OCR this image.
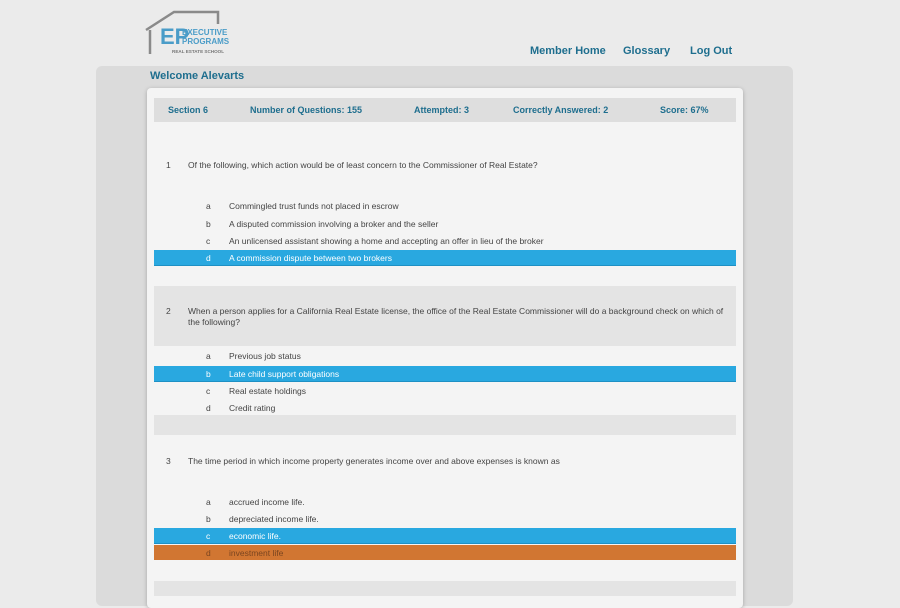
EP
EXECUTIVE
PROGRAMS
REAL ESTATE SCHOOL	Member Home Glossary Log Out
Welcome Alevarts
Section 6	Number of Questions: 155	Attempted: 3	Correctly Answered: 2	Score: 67%
1 Of the following, which action would be of least concern to the Commissioner of Real Estate?
a Commingled trust funds not placed in escrow
b A disputed commission involving a broker and the seller
c An unlicensed assistant showing a home and accepting an offer in lieu of the broker
d A commission dispute between two brokers
2 When a person applies for a California Real Estate license, the office of the Real Estate Commissioner will do a background check on which of the following?
a Previous job status
b Late child support obligations
c Real estate holdings
d Credit rating
3 The time period in which income property generates income over and above expenses is known as
a accrued income life.
b depreciated income life.
c economic life.
d investment life
